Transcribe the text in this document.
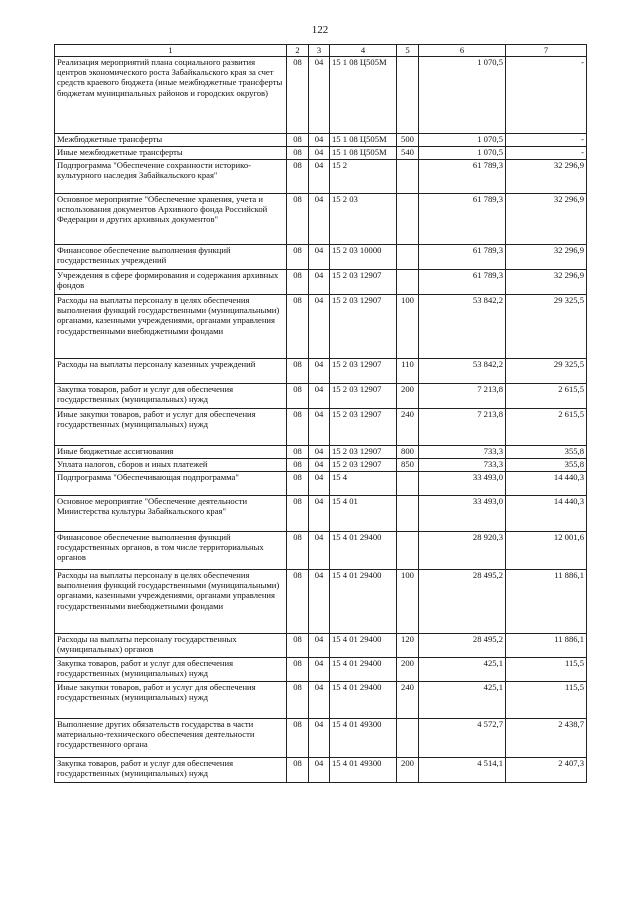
122
1	2	3	4	5	6	7
Реализация мероприятий плана социального развития центров экономического роста Забайкальского края за счет средств краевого бюджета (иные межбюджетные трансферты бюджетам муниципальных районов и городских округов)	08	04	15 1 08 Ц505М		1 070,5	-
Межбюджетные трансферты	08	04	15 1 08 Ц505М	500	1 070,5	-
Иные межбюджетные трансферты	08	04	15 1 08 Ц505М	540	1 070,5	-
Подпрограмма "Обеспечение сохранности историко-культурного наследия Забайкальского края"	08	04	15 2		61 789,3	32 296,9
Основное мероприятие "Обеспечение хранения, учета и использования документов Архивного фонда Российской Федерации и других архивных документов"	08	04	15 2 03		61 789,3	32 296,9
Финансовое обеспечение выполнения функций государственных учреждений	08	04	15 2 03 10000		61 789,3	32 296,9
Учреждения в сфере формирования и содержания архивных фондов	08	04	15 2 03 12907		61 789,3	32 296,9
Расходы на выплаты персоналу в целях обеспечения выполнения функций государственными (муниципальными) органами, казенными учреждениями, органами управления государственными внебюджетными фондами	08	04	15 2 03 12907	100	53 842,2	29 325,5
Расходы на выплаты персоналу казенных учреждений	08	04	15 2 03 12907	110	53 842,2	29 325,5
Закупка товаров, работ и услуг для обеспечения государственных (муниципальных) нужд	08	04	15 2 03 12907	200	7 213,8	2 615,5
Иные закупки товаров, работ и услуг для обеспечения государственных (муниципальных) нужд	08	04	15 2 03 12907	240	7 213,8	2 615,5
Иные бюджетные ассигнования	08	04	15 2 03 12907	800	733,3	355,8
Уплата налогов, сборов и иных платежей	08	04	15 2 03 12907	850	733,3	355,8
Подпрограмма "Обеспечивающая подпрограмма"	08	04	15 4		33 493,0	14 440,3
Основное мероприятие "Обеспечение деятельности Министерства культуры Забайкальского края"	08	04	15 4 01		33 493,0	14 440,3
Финансовое обеспечение выполнения функций государственных органов, в том числе территориальных органов	08	04	15 4 01 29400		28 920,3	12 001,6
Расходы на выплаты персоналу в целях обеспечения выполнения функций государственными (муниципальными) органами, казенными учреждениями, органами управления государственными внебюджетными фондами	08	04	15 4 01 29400	100	28 495,2	11 886,1
Расходы на выплаты персоналу государственных (муниципальных) органов	08	04	15 4 01 29400	120	28 495,2	11 886,1
Закупка товаров, работ и услуг для обеспечения государственных (муниципальных) нужд	08	04	15 4 01 29400	200	425,1	115,5
Иные закупки товаров, работ и услуг для обеспечения государственных (муниципальных) нужд	08	04	15 4 01 29400	240	425,1	115,5
Выполнение других обязательств государства в части материально-технического обеспечения деятельности государственного органа	08	04	15 4 01 49300		4 572,7	2 438,7
Закупка товаров, работ и услуг для обеспечения государственных (муниципальных) нужд	08	04	15 4 01 49300	200	4 514,1	2 407,3
